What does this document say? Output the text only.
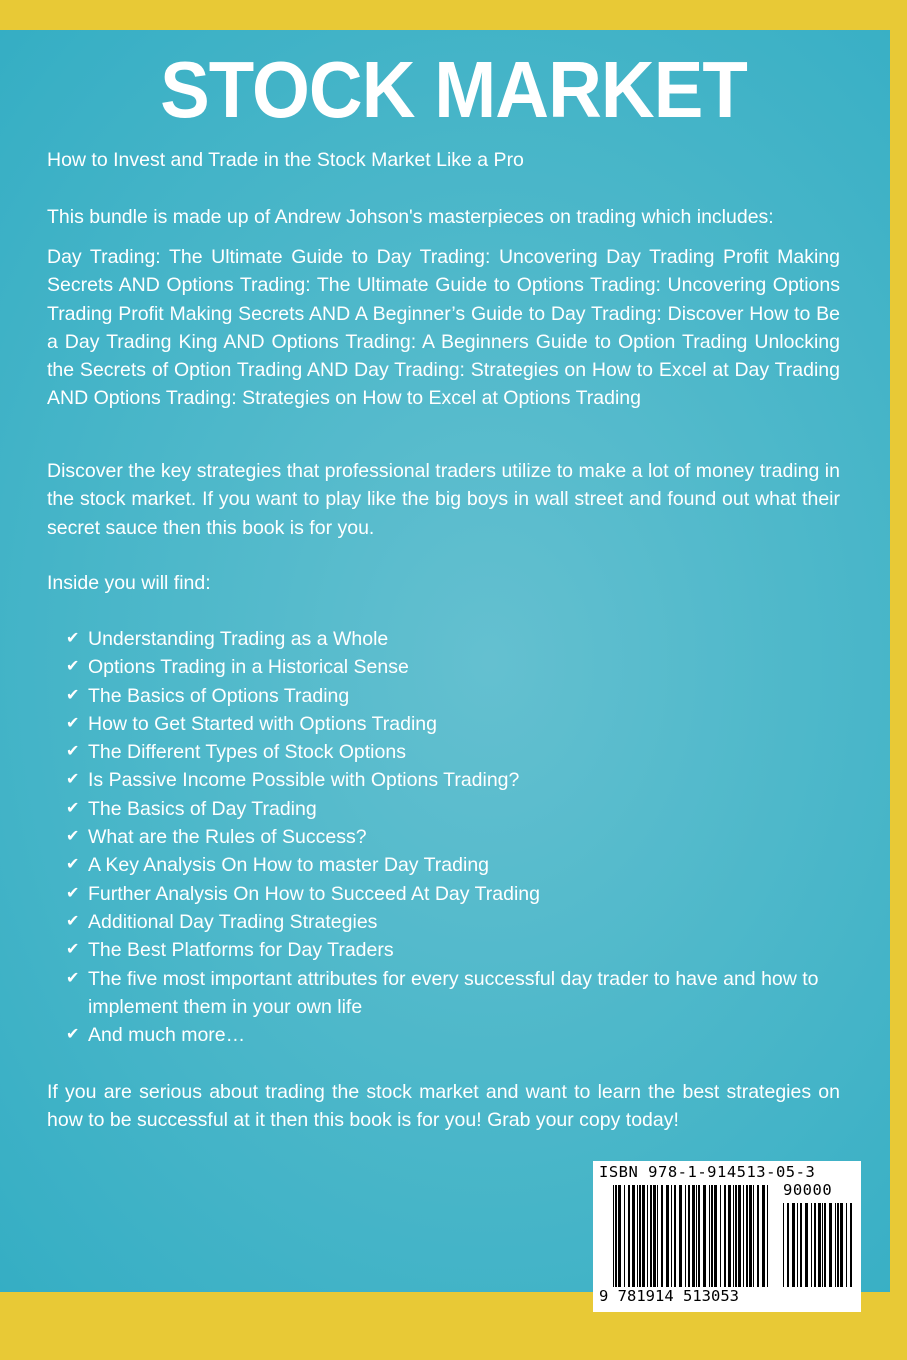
STOCK MARKET

How to Invest and Trade in the Stock Market Like a Pro

This bundle is made up of Andrew Johson's masterpieces on trading which includes:

Day Trading: The Ultimate Guide to Day Trading: Uncovering Day Trading Profit Making Secrets AND Options Trading: The Ultimate Guide to Options Trading: Uncovering Options Trading Profit Making Secrets AND A Beginner’s Guide to Day Trading: Discover How to Be a Day Trading King AND Options Trading: A Beginners Guide to Option Trading Unlocking the Secrets of Option Trading AND Day Trading: Strategies on How to Excel at Day Trading AND Options Trading: Strategies on How to Excel at Options Trading

Discover the key strategies that professional traders utilize to make a lot of money trading in the stock market. If you want to play like the big boys in wall street and found out what their secret sauce then this book is for you.

Inside you will find:

✔ Understanding Trading as a Whole
✔ Options Trading in a Historical Sense
✔ The Basics of Options Trading
✔ How to Get Started with Options Trading
✔ The Different Types of Stock Options
✔ Is Passive Income Possible with Options Trading?
✔ The Basics of Day Trading
✔ What are the Rules of Success?
✔ A Key Analysis On How to master Day Trading
✔ Further Analysis On How to Succeed At Day Trading
✔ Additional Day Trading Strategies
✔ The Best Platforms for Day Traders
✔ The five most important attributes for every successful day trader to have and how to implement them in your own life
✔ And much more…

If you are serious about trading the stock market and want to learn the best strategies on how to be successful at it then this book is for you! Grab your copy today!

ISBN 978-1-914513-05-3
90000
9 781914 513053
